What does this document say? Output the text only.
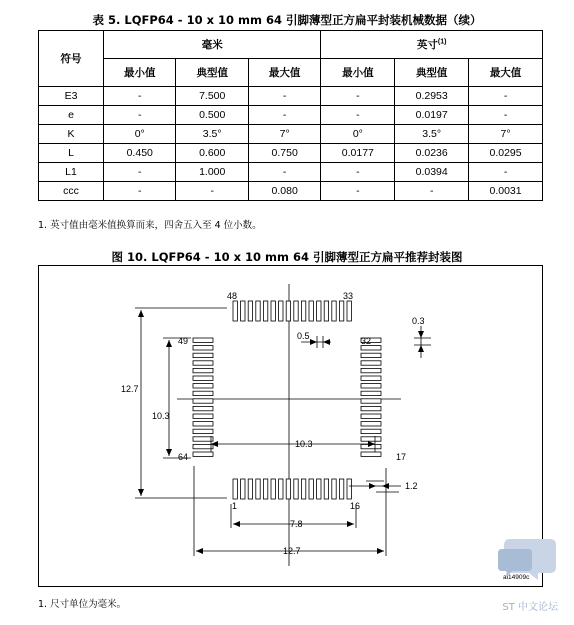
表 5. LQFP64 - 10 x 10 mm 64 引脚薄型正方扁平封装机械数据（续）
符号	毫米			英寸$^{(1)}$
	最小值	典型值	最大值	最小值	典型值	最大值
E3	-	7.500	-	-	0.2953	-
e	-	0.500	-	-	0.0197	-
K	0°	3.5°	7°	0°	3.5°	7°
L	0.450	0.600	0.750	0.0177	0.0236	0.0295
L1	-	1.000	-	-	0.0394	-
ccc	-	-	0.080	-	-	0.0031
1. 英寸值由毫米值换算而来，四舍五入至 4 位小数。
图 10. LQFP64 - 10 x 10 mm 64 引脚薄型正方扁平推荐封装图
48	33
49
64
32
17
1	16
0.5
0.3
12.7
10.3
10.3
1.2
7.8
12.7
ai14909c
1. 尺寸单位为毫米。	ST 中文论坛
